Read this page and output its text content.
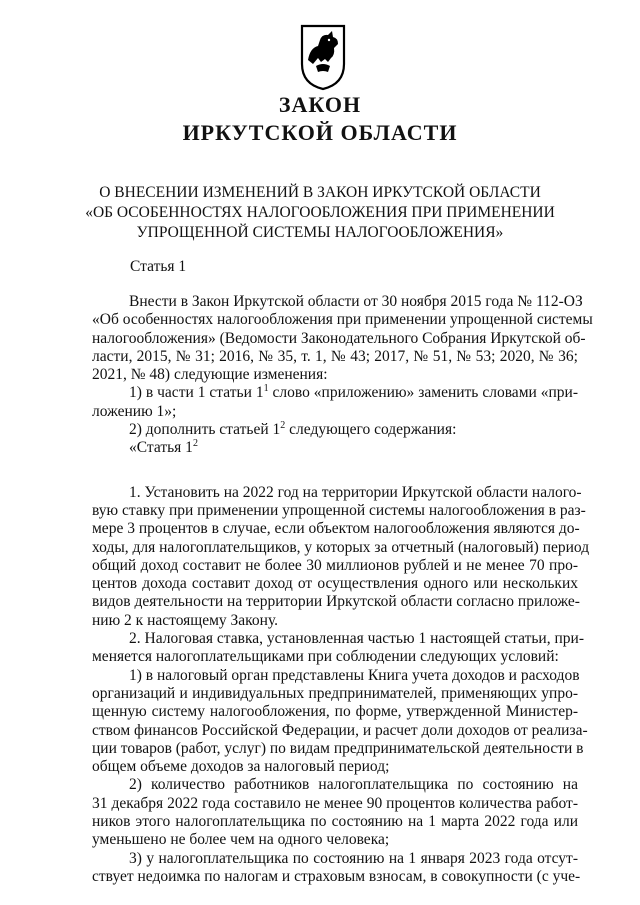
ЗАКОН
ИРКУТСКОЙ ОБЛАСТИ
О ВНЕСЕНИИ ИЗМЕНЕНИЙ В ЗАКОН ИРКУТСКОЙ ОБЛАСТИ
«ОБ ОСОБЕННОСТЯХ НАЛОГООБЛОЖЕНИЯ ПРИ ПРИМЕНЕНИИ
УПРОЩЕННОЙ СИСТЕМЫ НАЛОГООБЛОЖЕНИЯ»
Статья 1
Внести в Закон Иркутской области от 30 ноября 2015 года № 112-ОЗ
«Об особенностях налогообложения при применении упрощенной системы
налогообложения» (Ведомости Законодательного Собрания Иркутской об-
ласти, 2015, № 31; 2016, № 35, т. 1, № 43; 2017, № 51, № 53; 2020, № 36;
2021, № 48) следующие изменения:
1) в части 1 статьи $1^1$ слово «приложению» заменить словами «при-
ложению 1»;
2) дополнить статьей $1^2$ следующего содержания:
«Статья $1^2$
1. Установить на 2022 год на территории Иркутской области налого-
вую ставку при применении упрощенной системы налогообложения в раз-
мере 3 процентов в случае, если объектом налогообложения являются до-
ходы, для налогоплательщиков, у которых за отчетный (налоговый) период
общий доход составит не более 30 миллионов рублей и не менее 70 про-
центов дохода составит доход от осуществления одного или нескольких
видов деятельности на территории Иркутской области согласно приложе-
нию 2 к настоящему Закону.
2. Налоговая ставка, установленная частью 1 настоящей статьи, при-
меняется налогоплательщиками при соблюдении следующих условий:
1) в налоговый орган представлены Книга учета доходов и расходов
организаций и индивидуальных предпринимателей, применяющих упро-
щенную систему налогообложения, по форме, утвержденной Министер-
ством финансов Российской Федерации, и расчет доли доходов от реализа-
ции товаров (работ, услуг) по видам предпринимательской деятельности в
общем объеме доходов за налоговый период;
2) количество работников налогоплательщика по состоянию на
31 декабря 2022 года составило не менее 90 процентов количества работ-
ников этого налогоплательщика по состоянию на 1 марта 2022 года или
уменьшено не более чем на одного человека;
3) у налогоплательщика по состоянию на 1 января 2023 года отсут-
ствует недоимка по налогам и страховым взносам, в совокупности (с уче-
